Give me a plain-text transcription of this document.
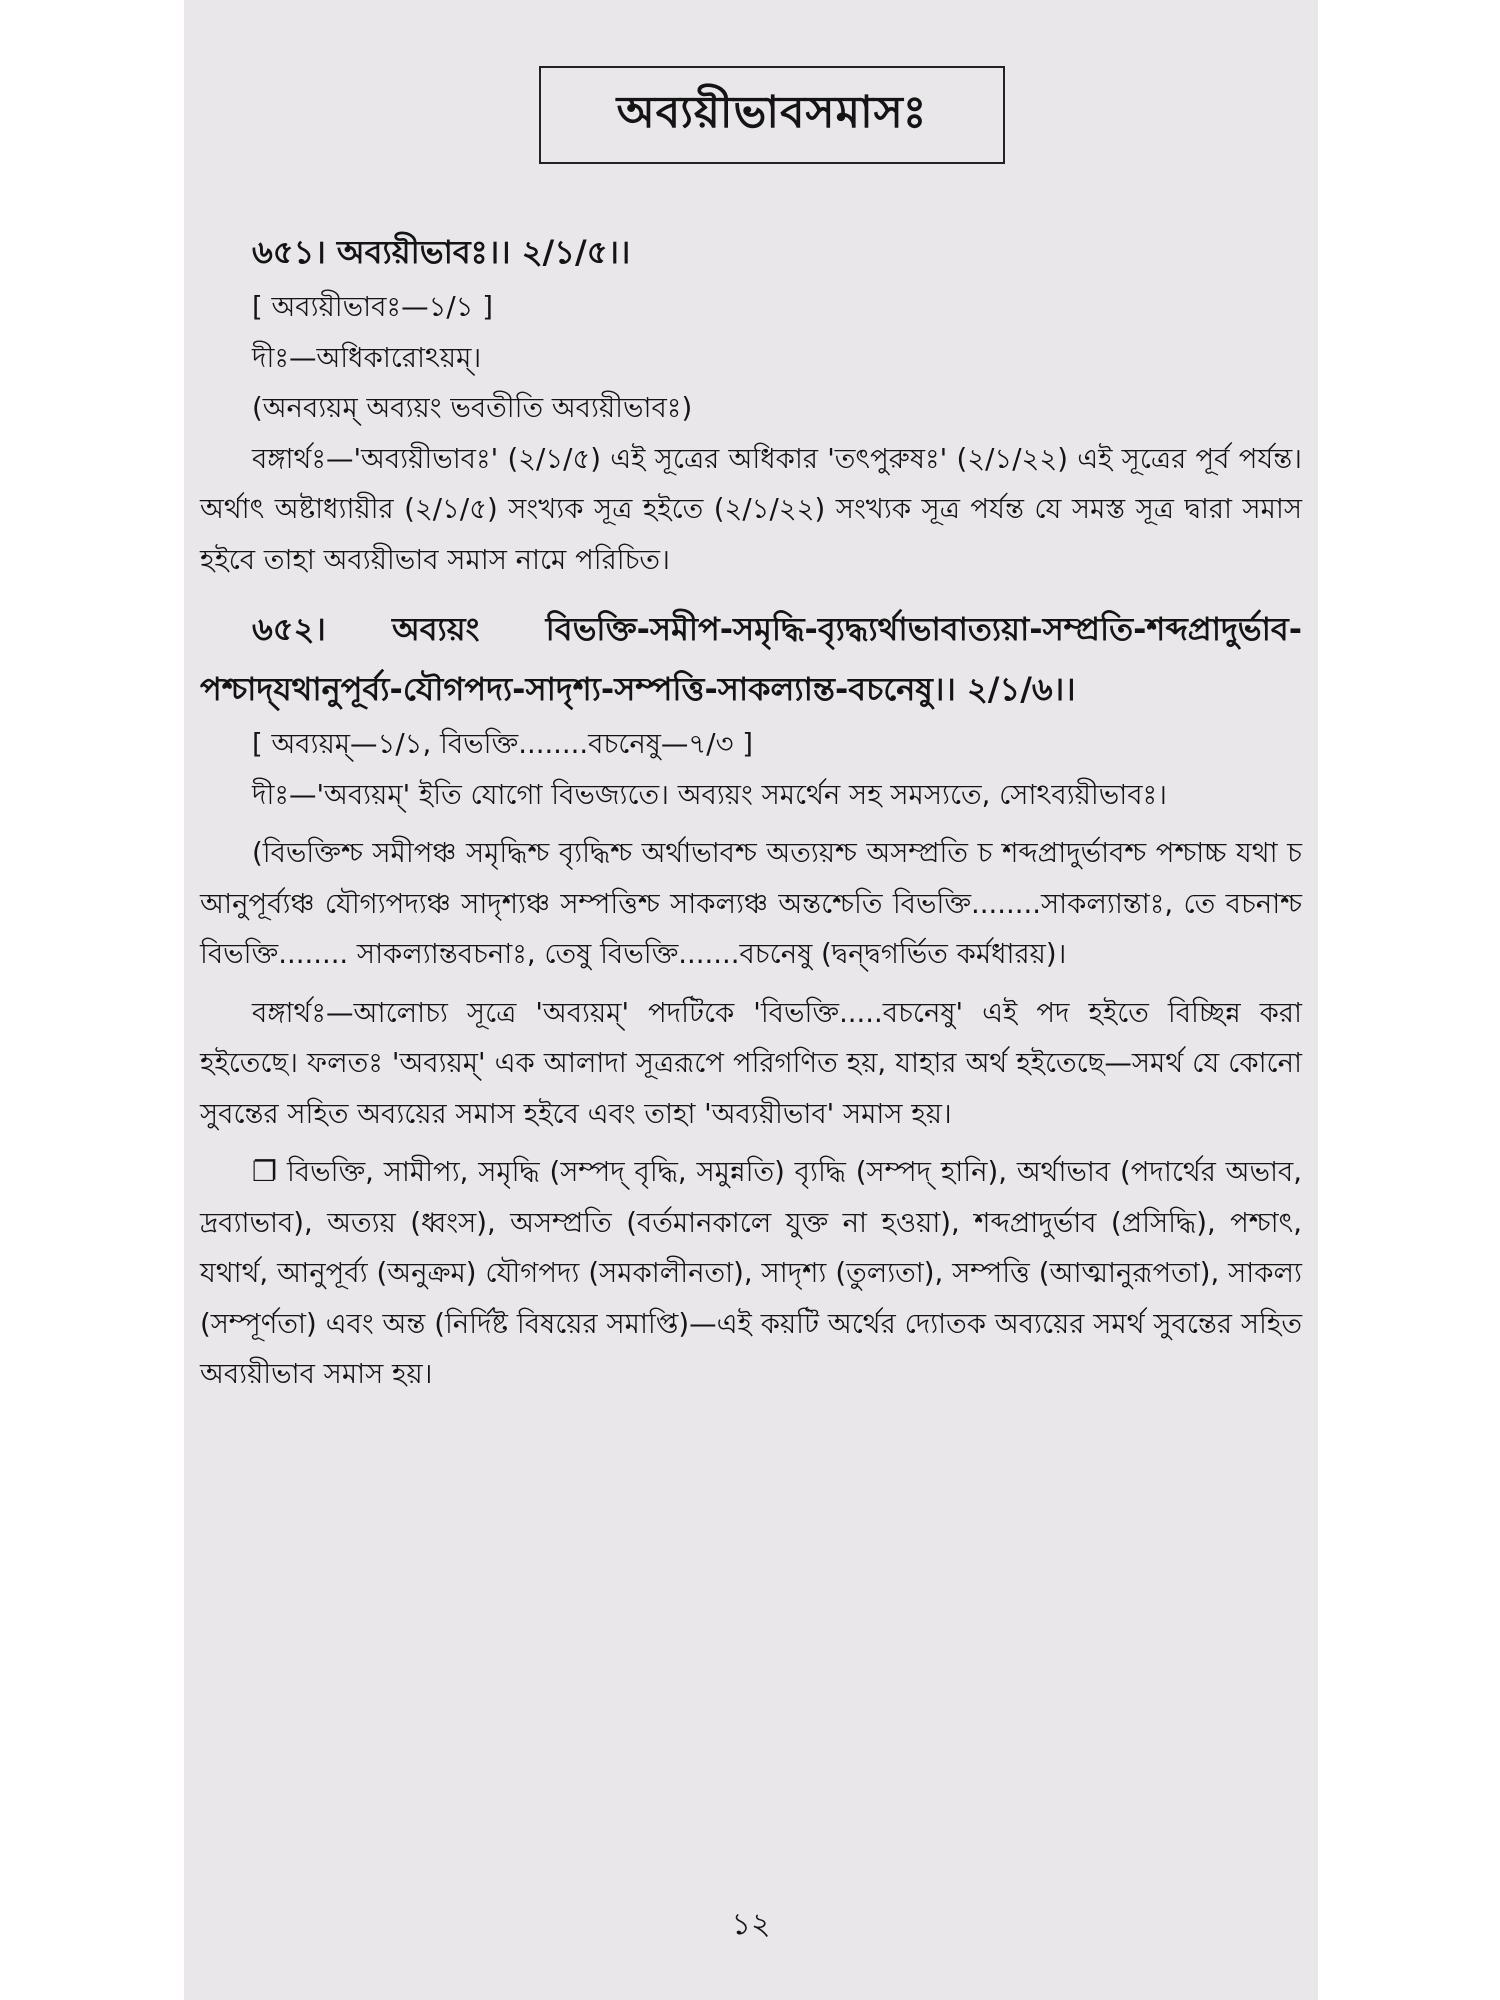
অব্যয়ীভাবসমাসঃ

৬৫১। অব্যয়ীভাবঃ।। ২/১/৫।।

[ অব্যয়ীভাবঃ—১/১ ]

দীঃ—অধিকারোঽয়ম্।

(অনব্যয়ম্ অব্যয়ং ভবতীতি অব্যয়ীভাবঃ)

বঙ্গার্থঃ—'অব্যয়ীভাবঃ' (২/১/৫) এই সূত্রের অধিকার 'তৎপুরুষঃ' (২/১/২২) এই সূত্রের পূর্ব পর্যন্ত। অর্থাৎ অষ্টাধ্যায়ীর (২/১/৫) সংখ্যক সূত্র হইতে (২/১/২২) সংখ্যক সূত্র পর্যন্ত যে সমস্ত সূত্র দ্বারা সমাস হইবে তাহা অব্যয়ীভাব সমাস নামে পরিচিত।

৬৫২। অব্যয়ং বিভক্তি-সমীপ-সমৃদ্ধি-ব্যৃদ্ধ্যর্থাভাবাত্যয়া-সম্প্রতি-শব্দপ্রাদুর্ভাব-পশ্চাদ্‌যথানুপূর্ব্য-যৌগপদ্য-সাদৃশ্য-সম্পত্তি-সাকল্যান্ত-বচনেষু।। ২/১/৬।।

[ অব্যয়ম্—১/১, বিভক্তি........বচনেষু—৭/৩ ]

দীঃ—'অব্যয়ম্' ইতি যোগো বিভজ্যতে। অব্যয়ং সমর্থেন সহ সমস্যতে, সোঽব্যয়ীভাবঃ।

(বিভক্তিশ্চ সমীপঞ্চ সমৃদ্ধিশ্চ ব্যৃদ্ধিশ্চ অর্থাভাবশ্চ অত্যয়শ্চ অসম্প্রতি চ শব্দপ্রাদুর্ভাবশ্চ পশ্চাচ্চ যথা চ আনুপূর্ব্যঞ্চ যৌগ্যপদ্যঞ্চ সাদৃশ্যঞ্চ সম্পত্তিশ্চ সাকল্যঞ্চ অন্তশ্চেতি বিভক্তি........সাকল্যান্তাঃ, তে বচনাশ্চ বিভক্তি........ সাকল্যান্তবচনাঃ, তেষু বিভক্তি.......বচনেষু (দ্বন্দ্বগর্ভিত কর্মধারয়)।

বঙ্গার্থঃ—আলোচ্য সূত্রে 'অব্যয়ম্' পদটিকে 'বিভক্তি.....বচনেষু' এই পদ হইতে বিচ্ছিন্ন করা হইতেছে। ফলতঃ 'অব্যয়ম্' এক আলাদা সূত্ররূপে পরিগণিত হয়, যাহার অর্থ হইতেছে—সমর্থ যে কোনো সুবন্তের সহিত অব্যয়ের সমাস হইবে এবং তাহা 'অব্যয়ীভাব' সমাস হয়।

❐ বিভক্তি, সামীপ্য, সমৃদ্ধি (সম্পদ্ বৃদ্ধি, সমুন্নতি) ব্যৃদ্ধি (সম্পদ্ হানি), অর্থাভাব (পদার্থের অভাব, দ্রব্যাভাব), অত্যয় (ধ্বংস), অসম্প্রতি (বর্তমানকালে যুক্ত না হওয়া), শব্দপ্রাদুর্ভাব (প্রসিদ্ধি), পশ্চাৎ, যথার্থ, আনুপূর্ব্য (অনুক্রম) যৌগপদ্য (সমকালীনতা), সাদৃশ্য (তুল্যতা), সম্পত্তি (আত্মানুরূপতা), সাকল্য (সম্পূর্ণতা) এবং অন্ত (নির্দিষ্ট বিষয়ের সমাপ্তি)—এই কয়টি অর্থের দ্যোতক অব্যয়ের সমর্থ সুবন্তের সহিত অব্যয়ীভাব সমাস হয়।

১২
